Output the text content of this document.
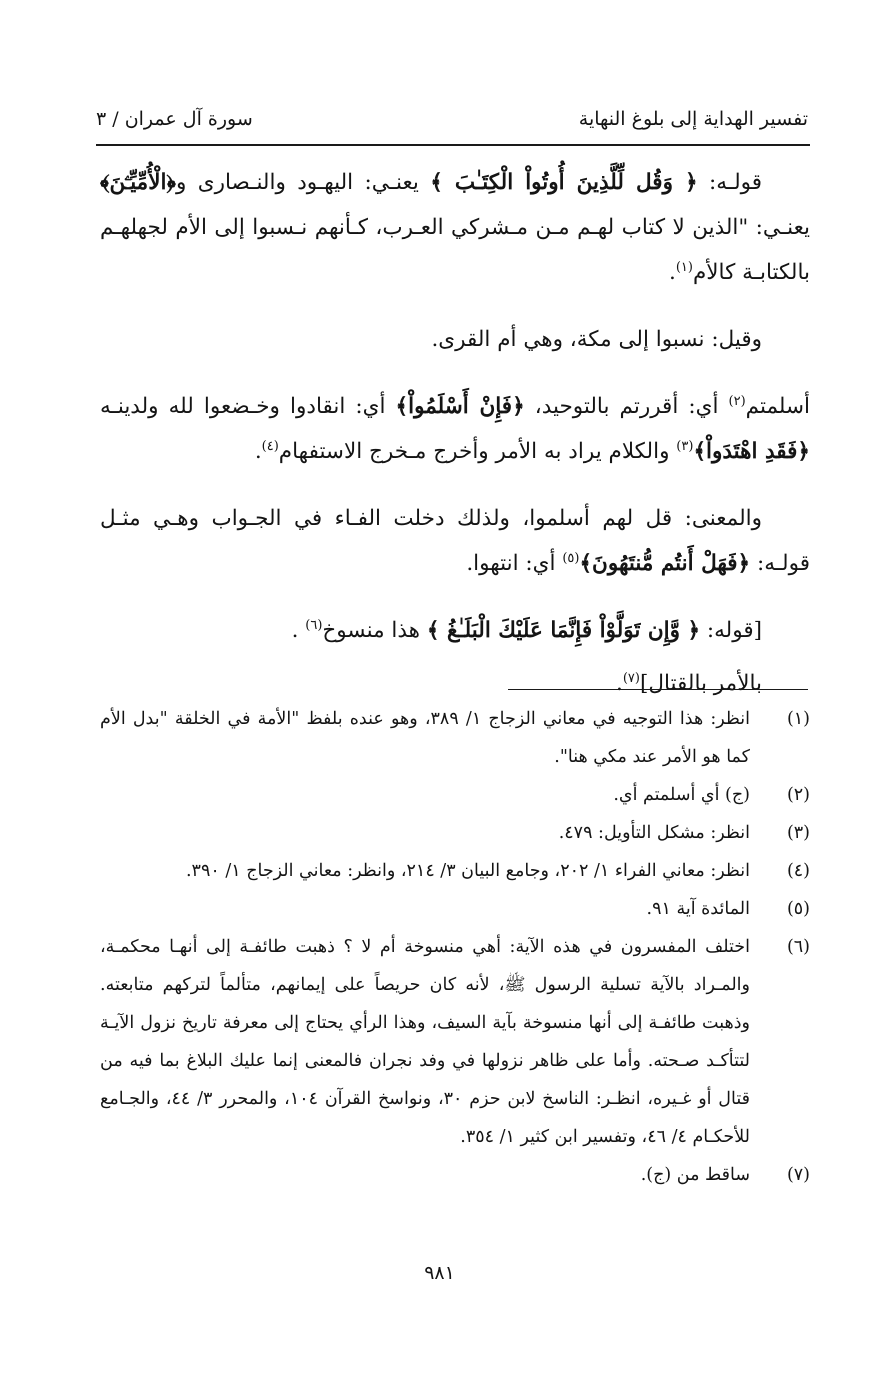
تفسير الهداية إلى بلوغ النهاية
سورة آل عمران / ٣

قولـه: ﴿ وَقُل لِّلَّذِينَ أُوتُواْ الْكِتَـٰبَ ﴾ يعنـي: اليهـود والنـصارى و﴿الْأُمِّيِّـۧنَ﴾ يعنـي: "الذين لا كتاب لهـم مـن مـشركي العـرب، كـأنهم نـسبوا إلى الأم لجهلهـم بالكتابـة كالأم$^{(١)}$.

وقيل: نسبوا إلى مكة، وهي أم القرى.

أسلمتم$^{(٢)}$ أي: أقررتم بالتوحيد، ﴿فَإِنْ أَسْلَمُواْ﴾ أي: انقادوا وخـضعوا لله ولدينـه ﴿فَقَدِ اهْتَدَواْ﴾$^{(٣)}$ والكلام يراد به الأمر وأخرج مـخرج الاستفهام$^{(٤)}$.

والمعنى: قل لهم أسلموا، ولذلك دخلت الفـاء في الجـواب وهـي مثـل قولـه: ﴿فَهَلْ أَنتُم مُّنتَهُونَ﴾$^{(٥)}$ أي: انتهوا.

[قوله: ﴿ وَّإِن تَوَلَّوْاْ فَإِنَّمَا عَلَيْكَ الْبَلَـٰغُ ﴾ هذا منسوخ$^{(٦)}$ .

بالأمر بالقتال]$^{(٧)}$.

(١)
انظر: هذا التوجيه في معاني الزجاج ١/ ٣٨٩، وهو عنده بلفظ "الأمة في الخلقة "بدل الأم كما هو الأمر عند مكي هنا".
(٢)
(ج) أي أسلمتم أي.
(٣)
انظر: مشكل التأويل: ٤٧٩.
(٤)
انظر: معاني الفراء ١/ ٢٠٢، وجامع البيان ٣/ ٢١٤، وانظر: معاني الزجاج ١/ ٣٩٠.
(٥)
المائدة آية ٩١.
(٦)
اختلف المفسرون في هذه الآية: أهي منسوخة أم لا ؟ ذهبت طائفـة إلى أنهـا محكمـة، والمـراد بالآية تسلية الرسول ﷺ، لأنه كان حريصاً على إيمانهم، متألماً لتركهم متابعته. وذهبت طائفـة إلى أنها منسوخة بآية السيف، وهذا الرأي يحتاج إلى معرفة تاريخ نزول الآيـة لتتأكـد صـحته. وأما على ظاهر نزولها في وفد نجران فالمعنى إنما عليك البلاغ بما فيه من قتال أو غـيره، انظـر: الناسخ لابن حزم ٣٠، ونواسخ القرآن ١٠٤، والمحرر ٣/ ٤٤، والجـامع للأحكـام ٤/ ٤٦، وتفسير ابن كثير ١/ ٣٥٤.
(٧)
ساقط من (ج).
٩٨١
